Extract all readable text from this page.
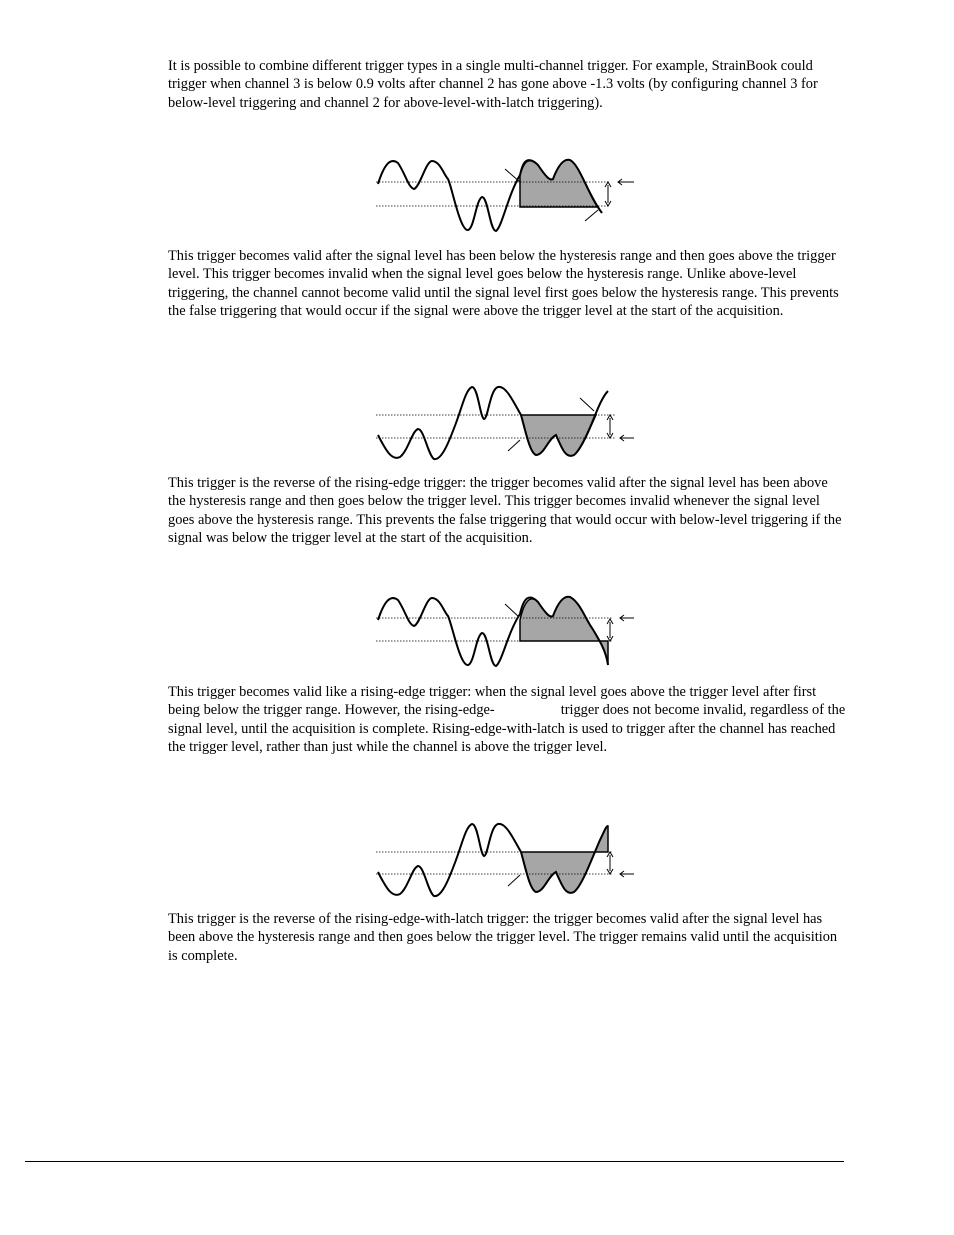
It is possible to combine different trigger types in a single multi-channel trigger. For example, StrainBook could trigger when channel 3 is below 0.9 volts after channel 2 has gone above -1.3 volts (by configuring channel 3 for below-level triggering and channel 2 for above-level-with-latch triggering).

This trigger becomes valid after the signal level has been below the hysteresis range and then goes above the trigger level. This trigger becomes invalid when the signal level goes below the hysteresis range. Unlike above-level triggering, the channel cannot become valid until the signal level first goes below the hysteresis range. This prevents the false triggering that would occur if the signal were above the trigger level at the start of the acquisition.

This trigger is the reverse of the rising-edge trigger: the trigger becomes valid after the signal level has been above the hysteresis range and then goes below the trigger level. This trigger becomes invalid whenever the signal level goes above the hysteresis range. This prevents the false triggering that would occur with below-level triggering if the signal was below the trigger level at the start of the acquisition.

This trigger becomes valid like a rising-edge trigger: when the signal level goes above the trigger level after first being below the trigger range. However, the rising-edge-	trigger does not become invalid, regardless of the signal level, until the acquisition is complete. Rising-edge-with-latch is used to trigger after the channel has reached the trigger level, rather than just while the channel is above the trigger level.

This trigger is the reverse of the rising-edge-with-latch trigger: the trigger becomes valid after the signal level has been above the hysteresis range and then goes below the trigger level. The trigger remains valid until the acquisition is complete.
